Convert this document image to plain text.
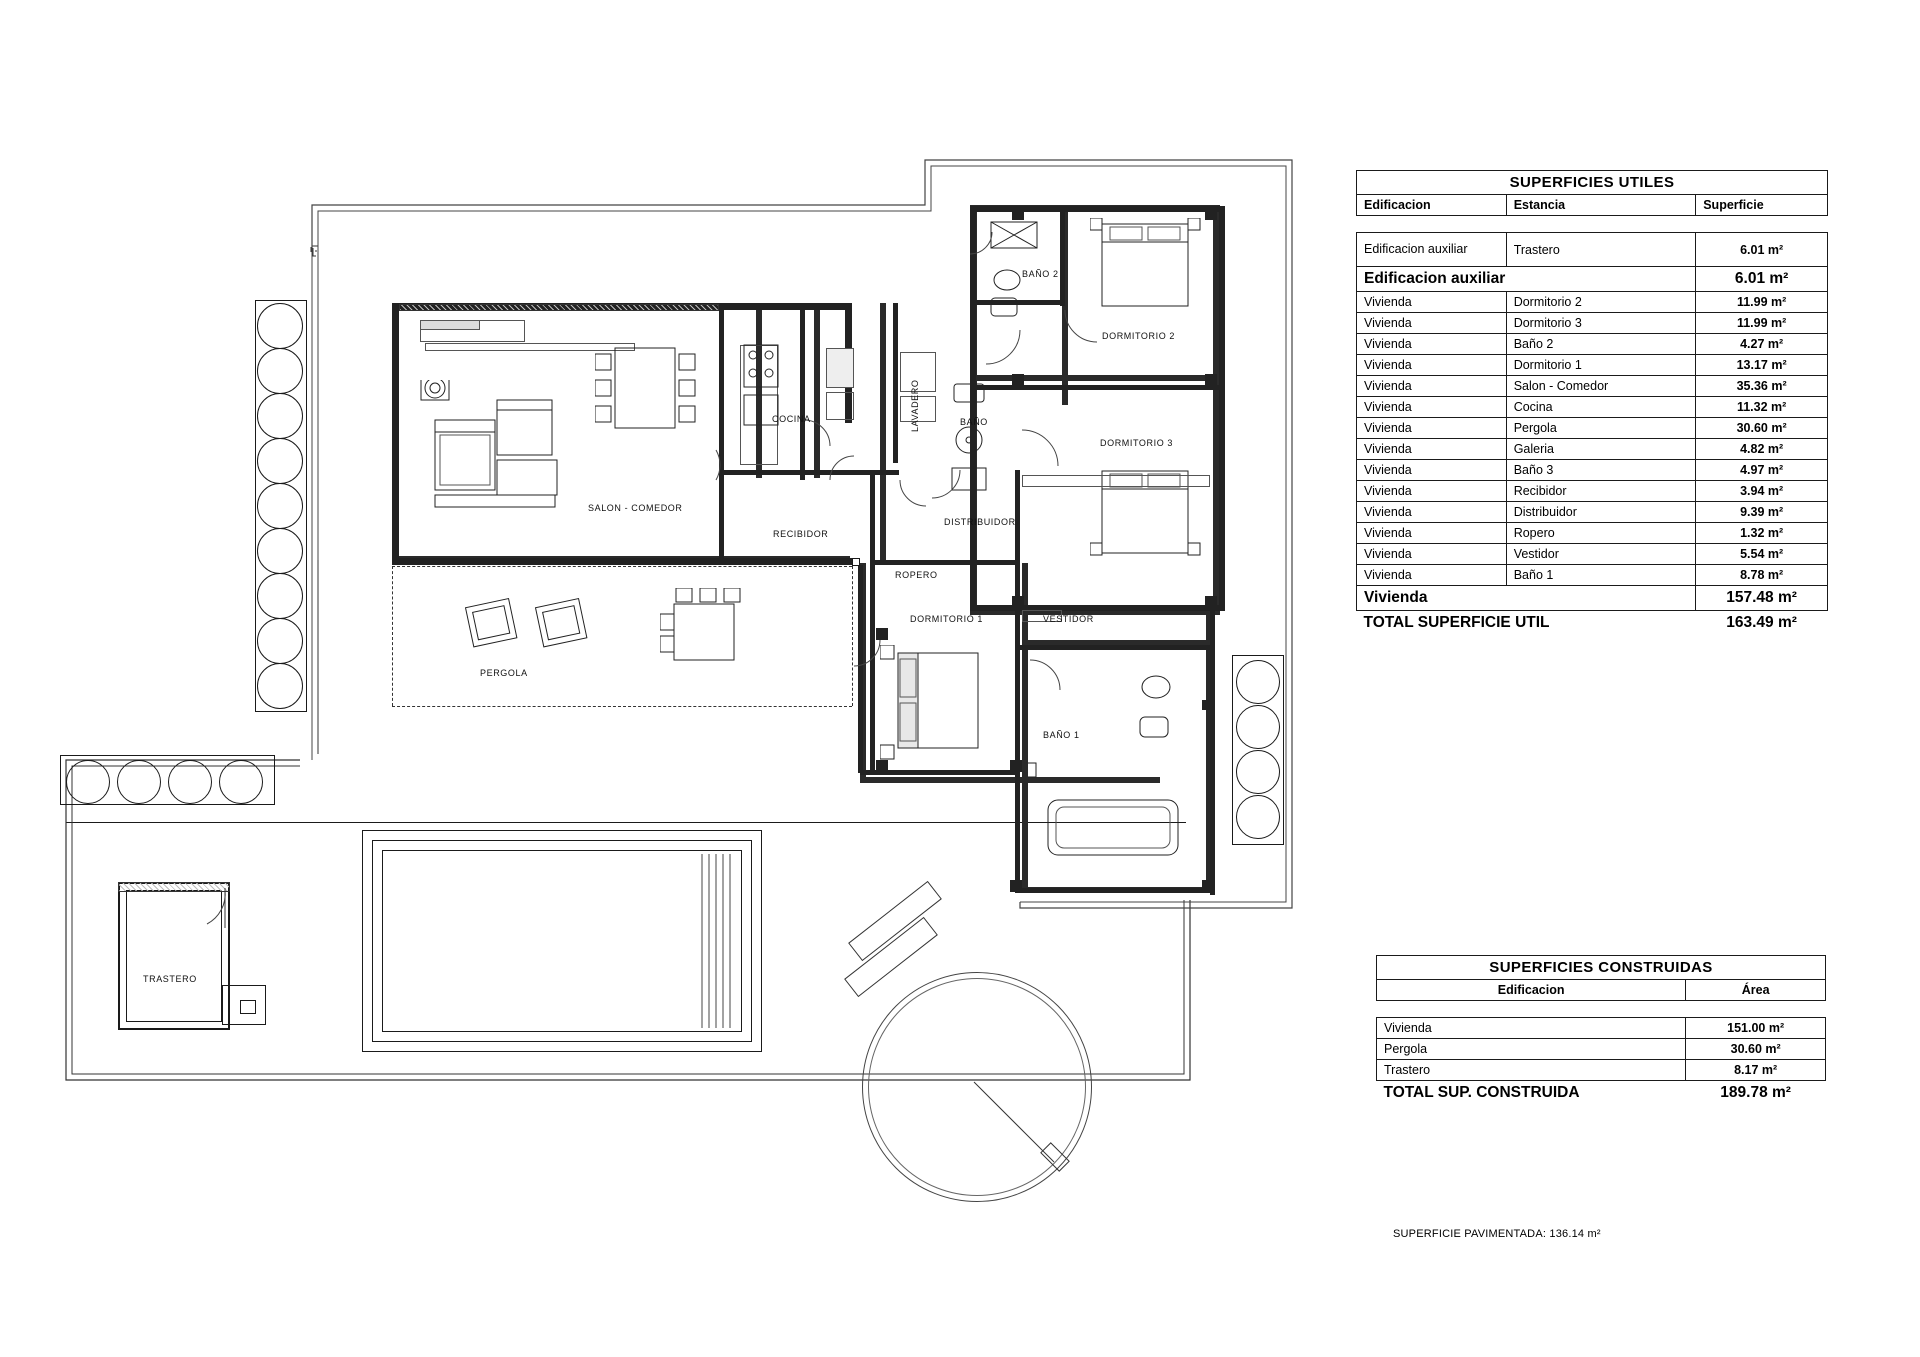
BAÑO 2
DORMITORIO 2
COCINA	LAVADERO	BAÑO
DORMITORIO 3
SALON - COMEDOR
RECIBIDOR
DISTRIBUIDOR
ROPERO
DORMITORIO 1	VESTIDOR
BAÑO 1
PERGOLA
TRASTERO
SUPERFICIES UTILES		
Edificacion	Estancia	Superficie

Edificacion auxiliar	Trastero	6.01 m²
Edificacion auxiliar		6.01 m²
Vivienda	Dormitorio 2	11.99 m²
Vivienda	Dormitorio 3	11.99 m²
Vivienda	Baño 2	4.27 m²
Vivienda	Dormitorio 1	13.17 m²
Vivienda	Salon - Comedor	35.36 m²
Vivienda	Cocina	11.32 m²
Vivienda	Pergola	30.60 m²
Vivienda	Galeria	4.82 m²
Vivienda	Baño 3	4.97 m²
Vivienda	Recibidor	3.94 m²
Vivienda	Distribuidor	9.39 m²
Vivienda	Ropero	1.32 m²
Vivienda	Vestidor	5.54 m²
Vivienda	Baño 1	8.78 m²
Vivienda		157.48 m²
TOTAL SUPERFICIE UTIL		163.49 m²
SUPERFICIES CONSTRUIDAS	
Edificacion	Área

Vivienda	151.00 m²
Pergola	30.60 m²
Trastero	8.17 m²
TOTAL SUP. CONSTRUIDA	189.78 m²
SUPERFICIE PAVIMENTADA: 136.14 m²
